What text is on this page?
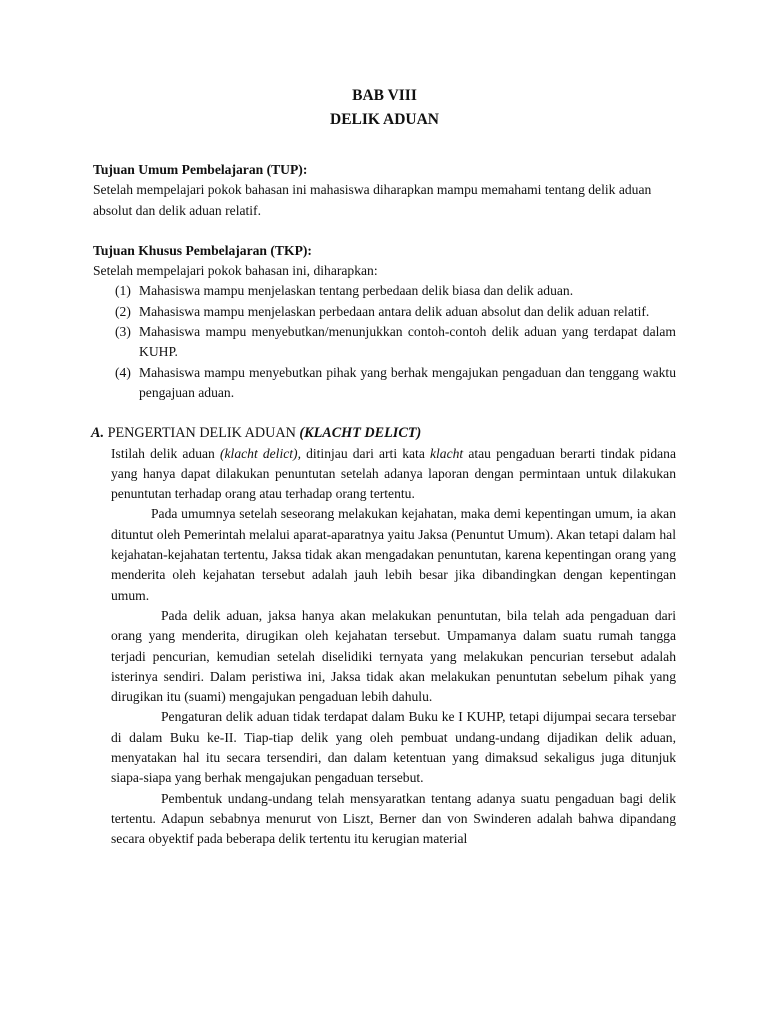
BAB VIII
DELIK ADUAN

Tujuan Umum Pembelajaran (TUP):

Setelah mempelajari pokok bahasan ini mahasiswa diharapkan mampu memahami tentang delik aduan absolut dan delik aduan relatif.

Tujuan Khusus Pembelajaran (TKP):

Setelah mempelajari pokok bahasan ini, diharapkan:

(1) Mahasiswa mampu menjelaskan tentang perbedaan delik biasa dan delik aduan.
(2) Mahasiswa mampu menjelaskan perbedaan antara delik aduan absolut dan delik aduan relatif.
(3) Mahasiswa mampu menyebutkan/menunjukkan contoh-contoh delik aduan yang terdapat dalam KUHP.
(4) Mahasiswa mampu menyebutkan pihak yang berhak mengajukan pengaduan dan tenggang waktu pengajuan aduan.

A. PENGERTIAN DELIK ADUAN (KLACHT DELICT)

Istilah delik aduan (klacht delict), ditinjau dari arti kata klacht atau pengaduan berarti tindak pidana yang hanya dapat dilakukan penuntutan setelah adanya laporan dengan permintaan untuk dilakukan penuntutan terhadap orang atau terhadap orang tertentu.

Pada umumnya setelah seseorang melakukan kejahatan, maka demi kepentingan umum, ia akan dituntut oleh Pemerintah melalui aparat-aparatnya yaitu Jaksa (Penuntut Umum). Akan tetapi dalam hal kejahatan-kejahatan tertentu, Jaksa tidak akan mengadakan penuntutan, karena kepentingan orang yang menderita oleh kejahatan tersebut adalah jauh lebih besar jika dibandingkan dengan kepentingan umum.

Pada delik aduan, jaksa hanya akan melakukan penuntutan, bila telah ada pengaduan dari orang yang menderita, dirugikan oleh kejahatan tersebut. Umpamanya dalam suatu rumah tangga terjadi pencurian, kemudian setelah diselidiki ternyata yang melakukan pencurian tersebut adalah isterinya sendiri. Dalam peristiwa ini, Jaksa tidak akan melakukan penuntutan sebelum pihak yang dirugikan itu (suami) mengajukan pengaduan lebih dahulu.

Pengaturan delik aduan tidak terdapat dalam Buku ke I KUHP, tetapi dijumpai secara tersebar di dalam Buku ke-II. Tiap-tiap delik yang oleh pembuat undang-undang dijadikan delik aduan, menyatakan hal itu secara tersendiri, dan dalam ketentuan yang dimaksud sekaligus juga ditunjuk siapa-siapa yang berhak mengajukan pengaduan tersebut.

Pembentuk undang-undang telah mensyaratkan tentang adanya suatu pengaduan bagi delik tertentu. Adapun sebabnya menurut von Liszt, Berner dan von Swinderen adalah bahwa dipandang secara obyektif pada beberapa delik tertentu itu kerugian material
